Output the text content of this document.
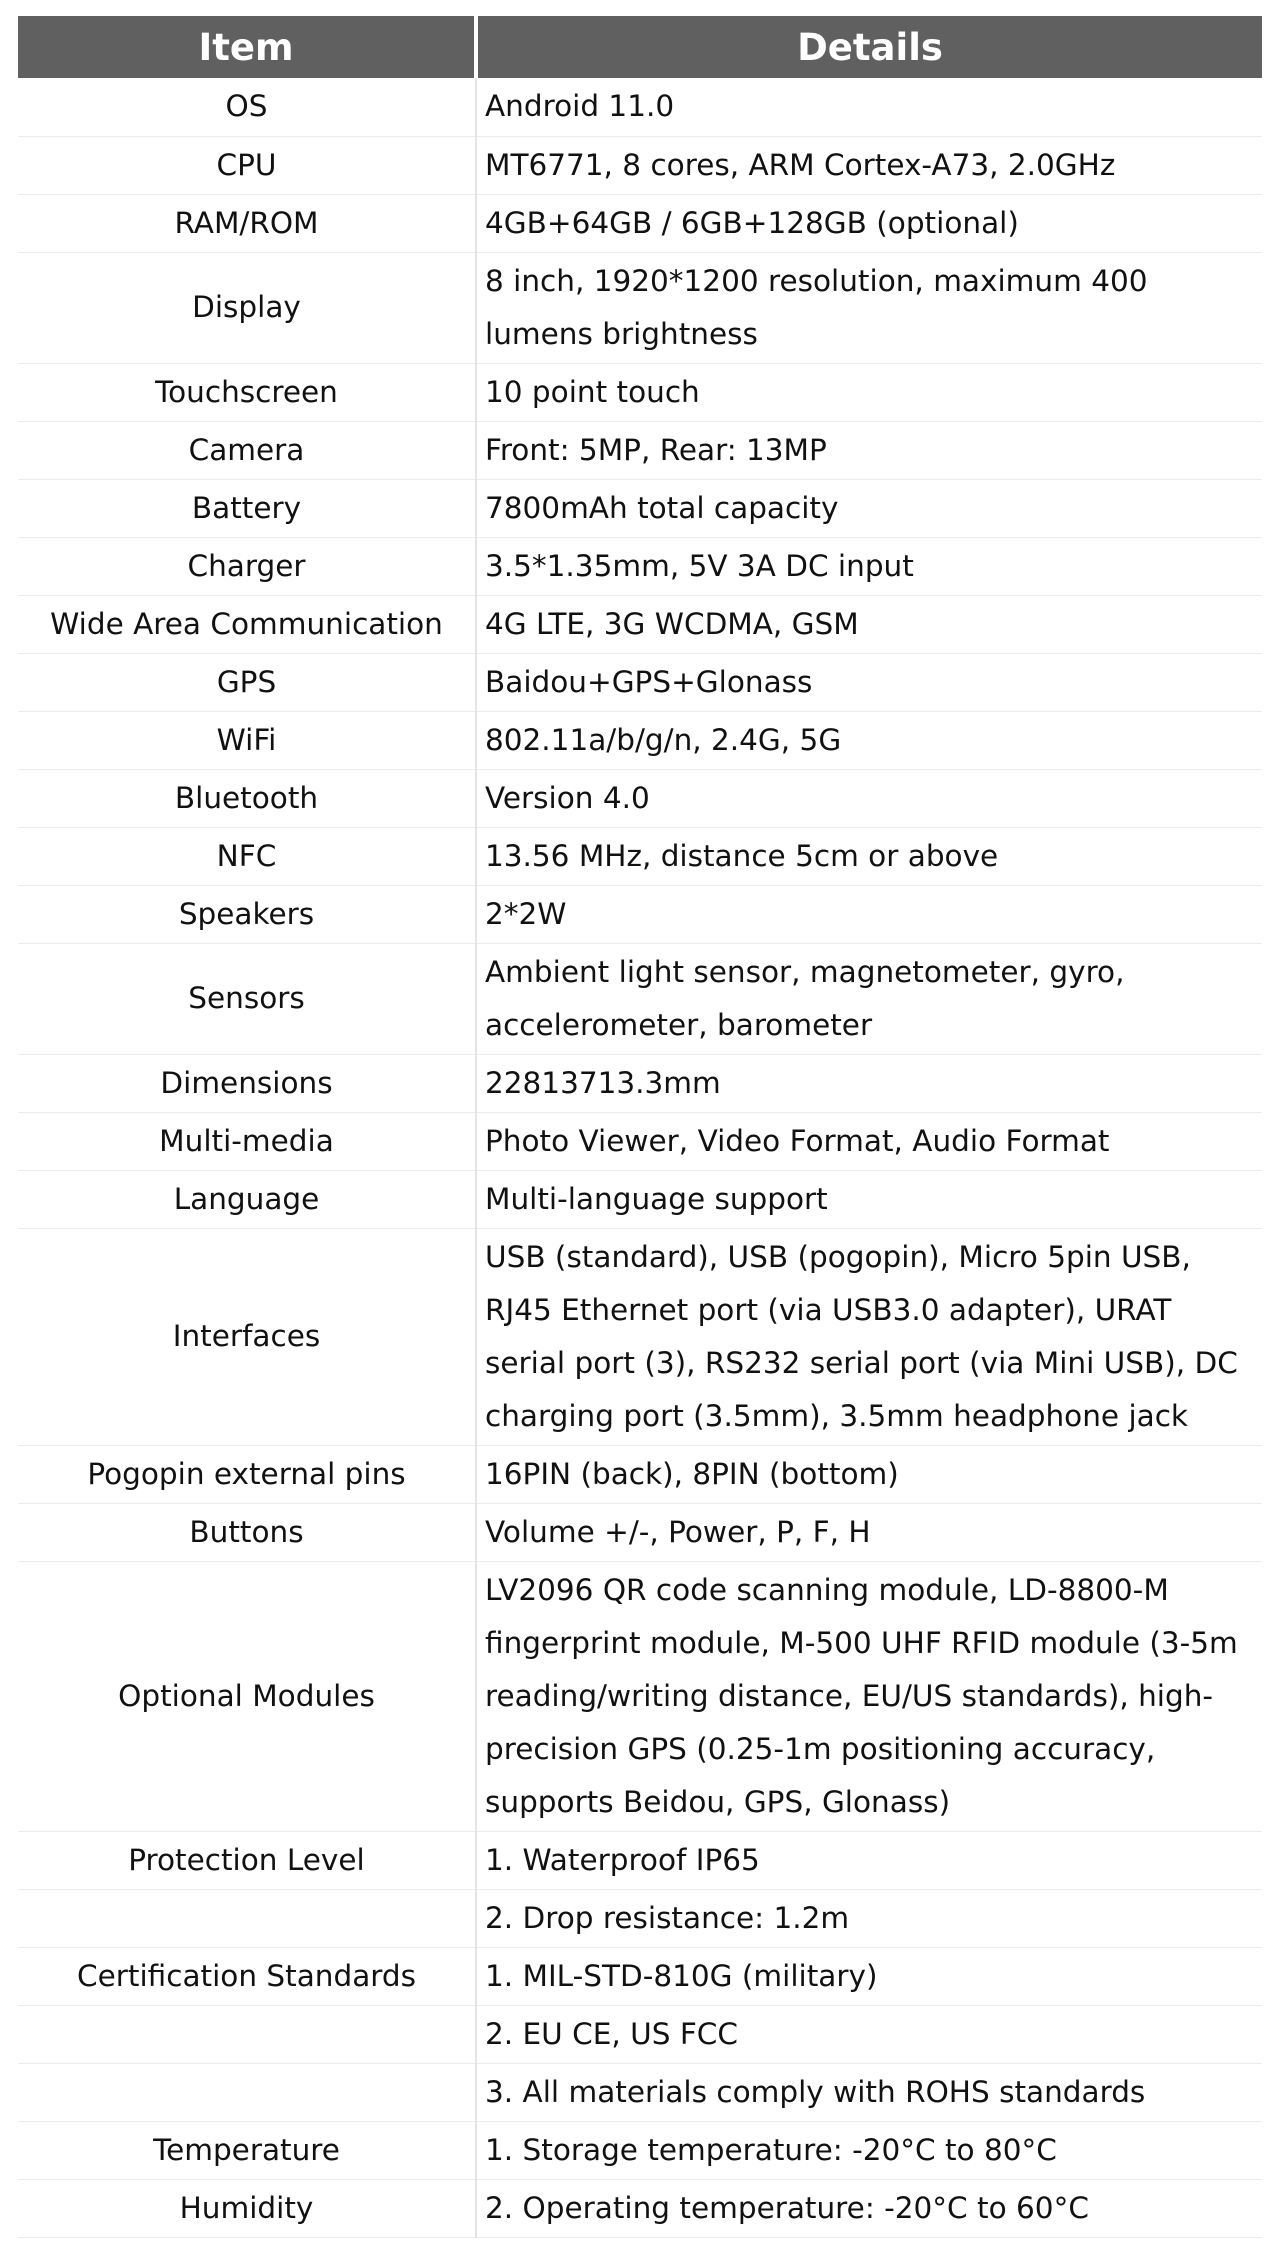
Item	Details
OS	Android 11.0
CPU	MT6771, 8 cores, ARM Cortex-A73, 2.0GHz
RAM/ROM	4GB+64GB / 6GB+128GB (optional)
Display	8 inch, 1920*1200 resolution, maximum 400 lumens brightness
Touchscreen	10 point touch
Camera	Front: 5MP, Rear: 13MP
Battery	7800mAh total capacity
Charger	3.5*1.35mm, 5V 3A DC input
Wide Area Communication	4G LTE, 3G WCDMA, GSM
GPS	Baidou+GPS+Glonass
WiFi	802.11a/b/g/n, 2.4G, 5G
Bluetooth	Version 4.0
NFC	13.56 MHz, distance 5cm or above
Speakers	2*2W
Sensors	Ambient light sensor, magnetometer, gyro, accelerometer, barometer
Dimensions	22813713.3mm
Multi-media	Photo Viewer, Video Format, Audio Format
Language	Multi-language support
Interfaces	USB (standard), USB (pogopin), Micro 5pin USB, RJ45 Ethernet port (via USB3.0 adapter), URAT serial port (3), RS232 serial port (via Mini USB), DC charging port (3.5mm), 3.5mm headphone jack
Pogopin external pins	16PIN (back), 8PIN (bottom)
Buttons	Volume +/-, Power, P, F, H
Optional Modules	LV2096 QR code scanning module, LD-8800-M fingerprint module, M-500 UHF RFID module (3-5m reading/writing distance, EU/US standards), high-precision GPS (0.25-1m positioning accuracy, supports Beidou, GPS, Glonass)
Protection Level	1. Waterproof IP65
	2. Drop resistance: 1.2m
Certification Standards	1. MIL-STD-810G (military)
	2. EU CE, US FCC
	3. All materials comply with ROHS standards
Temperature	1. Storage temperature: -20°C to 80°C
Humidity	2. Operating temperature: -20°C to 60°C
